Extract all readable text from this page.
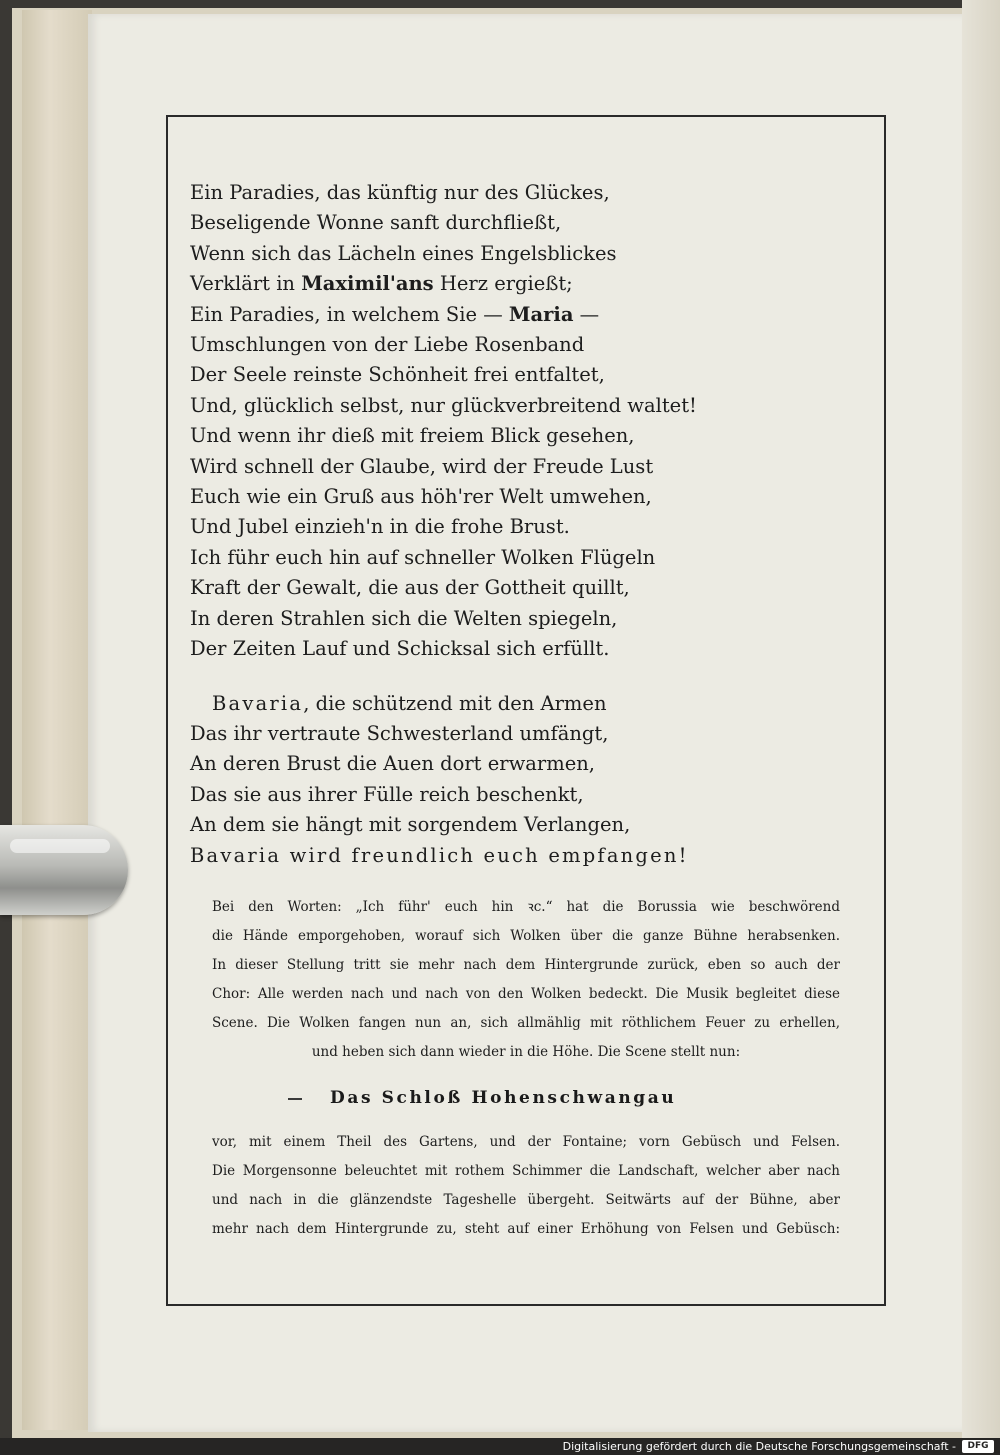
Ein Paradies, das künftig nur des Glückes,
Beseligende Wonne sanft durchfließt,
Wenn sich das Lächeln eines Engelsblickes
Verklärt in Maximil'ans Herz ergießt;
Ein Paradies, in welchem Sie — Maria —
Umschlungen von der Liebe Rosenband
Der Seele reinste Schönheit frei entfaltet,
Und, glücklich selbst, nur glückverbreitend waltet!
Und wenn ihr dieß mit freiem Blick gesehen,
Wird schnell der Glaube, wird der Freude Lust
Euch wie ein Gruß aus höh'rer Welt umwehen,
Und Jubel einzieh'n in die frohe Brust.
Ich führ euch hin auf schneller Wolken Flügeln
Kraft der Gewalt, die aus der Gottheit quillt,
In deren Strahlen sich die Welten spiegeln,
Der Zeiten Lauf und Schicksal sich erfüllt.
Bavaria, die schützend mit den Armen
Das ihr vertraute Schwesterland umfängt,
An deren Brust die Auen dort erwarmen,
Das sie aus ihrer Fülle reich beschenkt,
An dem sie hängt mit sorgendem Verlangen,
Bavaria wird freundlich euch empfangen!
Bei den Worten: „Ich führ' euch hin ꝛc.“ hat die Borussia wie beschwörend
die Hände emporgehoben, worauf sich Wolken über die ganze Bühne herabsenken.
In dieser Stellung tritt sie mehr nach dem Hintergrunde zurück, eben so auch der
Chor: Alle werden nach und nach von den Wolken bedeckt. Die Musik begleitet diese
Scene. Die Wolken fangen nun an, sich allmählig mit röthlichem Feuer zu erhellen,
und heben sich dann wieder in die Höhe. Die Scene stellt nun:
Das Schloß Hohenschwangau
vor, mit einem Theil des Gartens, und der Fontaine; vorn Gebüsch und Felsen.
Die Morgensonne beleuchtet mit rothem Schimmer die Landschaft, welcher aber nach
und nach in die glänzendste Tageshelle übergeht. Seitwärts auf der Bühne, aber
mehr nach dem Hintergrunde zu, steht auf einer Erhöhung von Felsen und Gebüsch:
Digitalisierung gefördert durch die Deutsche Forschungsgemeinschaft -	DFG
